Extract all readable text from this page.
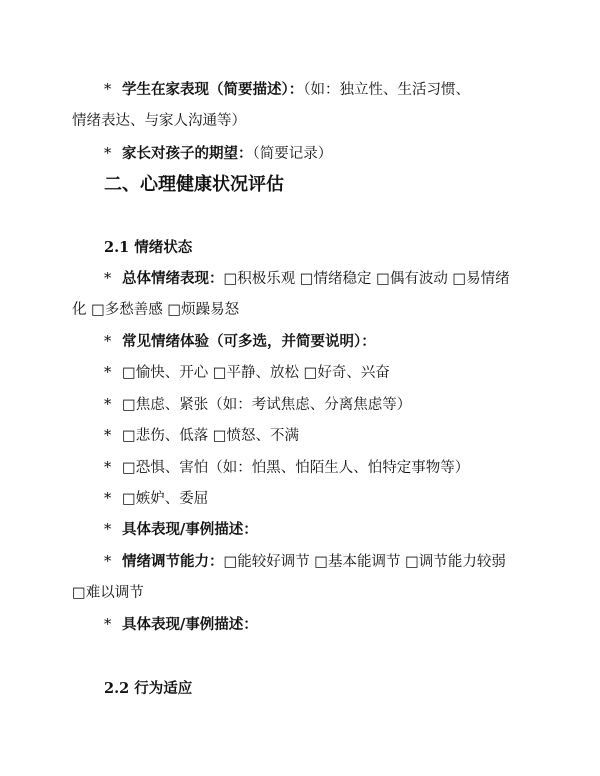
* 学生在家表现（简要描述）：（如：独立性、生活习惯、
情绪表达、与家人沟通等）
* 家长对孩子的期望：（简要记录）
二、心理健康状况评估
2.1 情绪状态
* 总体情绪表现：□积极乐观 □情绪稳定 □偶有波动 □易情绪
化 □多愁善感 □烦躁易怒
* 常见情绪体验（可多选，并简要说明）：
* □愉快、开心 □平静、放松 □好奇、兴奋
* □焦虑、紧张（如：考试焦虑、分离焦虑等）
* □悲伤、低落 □愤怒、不满
* □恐惧、害怕（如：怕黑、怕陌生人、怕特定事物等）
* □嫉妒、委屈
* 具体表现/事例描述：
* 情绪调节能力：□能较好调节 □基本能调节 □调节能力较弱
□难以调节
* 具体表现/事例描述：
2.2 行为适应
